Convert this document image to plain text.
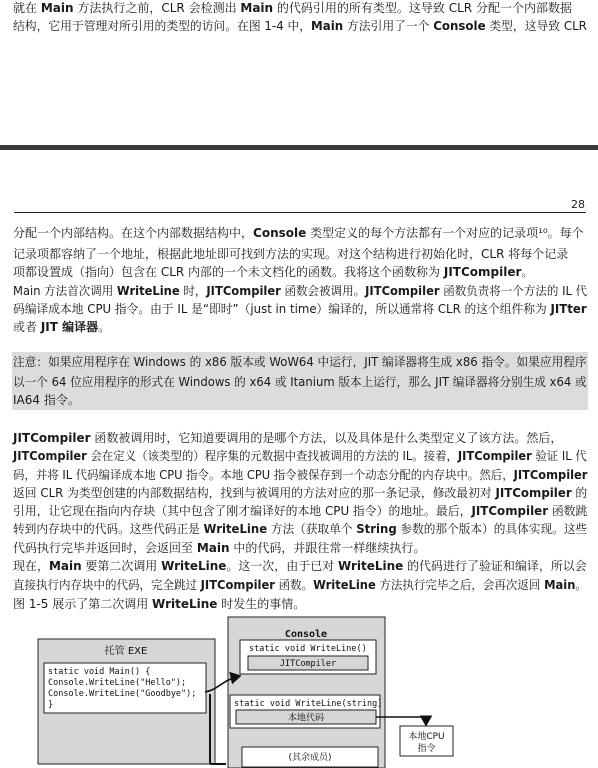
28
就在 Main 方法执行之前，CLR 会检测出 Main 的代码引用的所有类型。这导致 CLR 分配一个内部数据
结构，它用于管理对所引用的类型的访问。在图 1-4 中，Main 方法引用了一个 Console 类型，这导致 CLR
分配一个内部结构。在这个内部数据结构中，Console 类型定义的每个方法都有一个对应的记录项¹⁰。每个
记录项都容纳了一个地址，根据此地址即可找到方法的实现。对这个结构进行初始化时，CLR 将每个记录
项都设置成（指向）包含在 CLR 内部的一个未文档化的函数。我将这个函数称为 JITCompiler。
Main 方法首次调用 WriteLine 时，JITCompiler 函数会被调用。JITCompiler 函数负责将一个方法的 IL 代
码编译成本地 CPU 指令。由于 IL 是“即时”（just in time）编译的，所以通常将 CLR 的这个组件称为 JITter
或者 JIT 编译器。
注意：如果应用程序在 Windows 的 x86 版本或 WoW64 中运行，JIT 编译器将生成 x86 指令。如果应用程序
以一个 64 位应用程序的形式在 Windows 的 x64 或 Itanium 版本上运行，那么 JIT 编译器将分别生成 x64 或
IA64 指令。
JITCompiler 函数被调用时，它知道要调用的是哪个方法，以及具体是什么类型定义了该方法。然后，
JITCompiler 会在定义（该类型的）程序集的元数据中查找被调用的方法的 IL。接着，JITCompiler 验证 IL 代
码，并将 IL 代码编译成本地 CPU 指令。本地 CPU 指令被保存到一个动态分配的内存块中。然后，JITCompiler
返回 CLR 为类型创建的内部数据结构，找到与被调用的方法对应的那一条记录，修改最初对 JITCompiler 的
引用，让它现在指向内存块（其中包含了刚才编译好的本地 CPU 指令）的地址。最后，JITCompiler 函数跳
转到内存块中的代码。这些代码正是 WriteLine 方法（获取单个 String 参数的那个版本）的具体实现。这些
代码执行完毕并返回时，会返回至 Main 中的代码，并跟往常一样继续执行。
现在，Main 要第二次调用 WriteLine。这一次，由于已对 WriteLine 的代码进行了验证和编译，所以会
直接执行内存块中的代码，完全跳过 JITCompiler 函数。WriteLine 方法执行完毕之后，会再次返回 Main。
图 1-5 展示了第二次调用 WriteLine 时发生的事情。
托管 EXE
static void Main() {
Console.WriteLine("Hello");
Console.WriteLine("Goodbye");
}
Console
static void WriteLine()
JITCompiler
static void WriteLine(string)
本地代码
(其余成员)
本地CPU
指令
